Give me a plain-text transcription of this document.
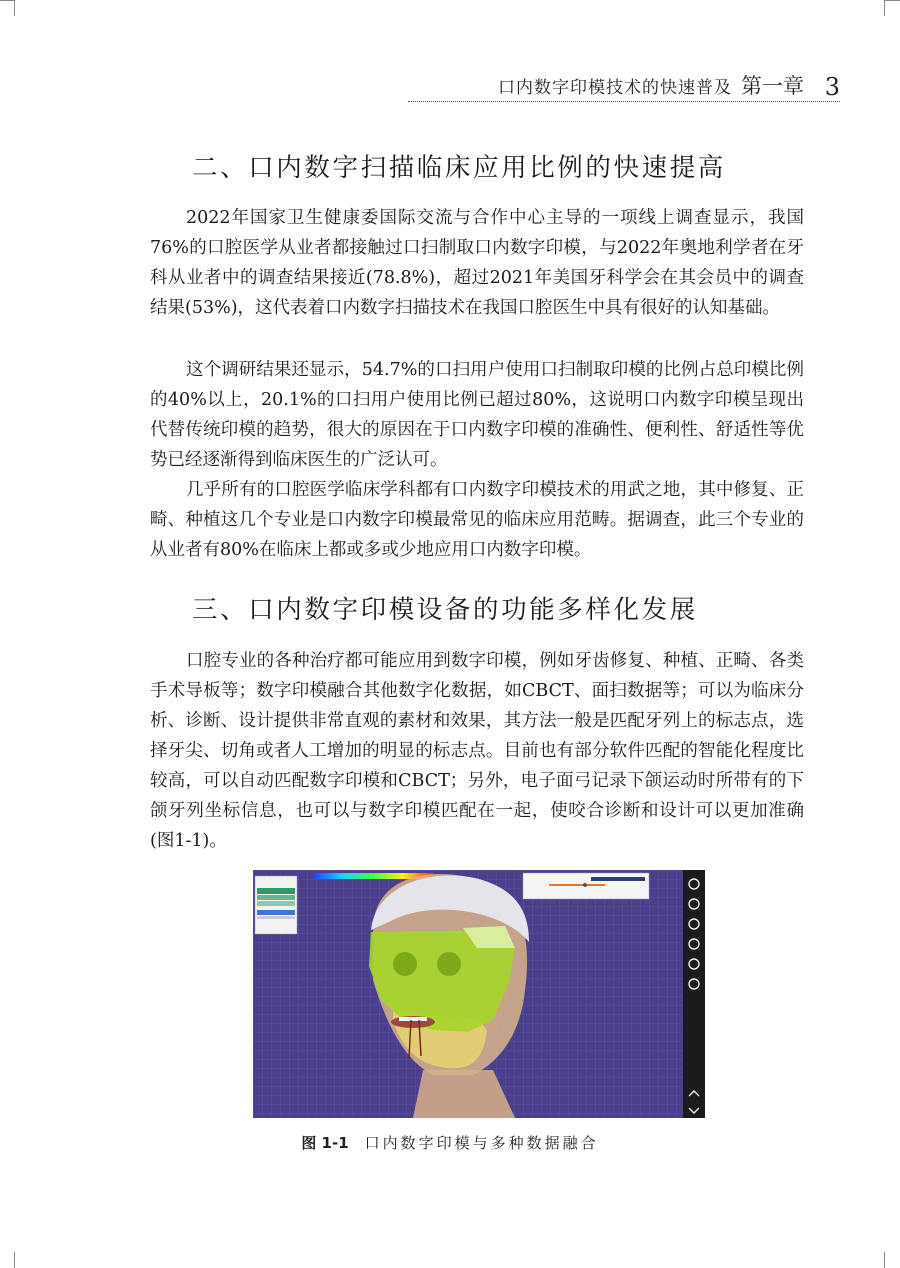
口内数字印模技术的快速普及 第一章 3
二、口内数字扫描临床应用比例的快速提高

2022年国家卫生健康委国际交流与合作中心主导的一项线上调查显示，我国76%的口腔医学从业者都接触过口扫制取口内数字印模，与2022年奥地利学者在牙科从业者中的调查结果接近(78.8%)，超过2021年美国牙科学会在其会员中的调查结果(53%)，这代表着口内数字扫描技术在我国口腔医生中具有很好的认知基础。

这个调研结果还显示，54.7%的口扫用户使用口扫制取印模的比例占总印模比例的40%以上，20.1%的口扫用户使用比例已超过80%，这说明口内数字印模呈现出代替传统印模的趋势，很大的原因在于口内数字印模的准确性、便利性、舒适性等优势已经逐渐得到临床医生的广泛认可。

几乎所有的口腔医学临床学科都有口内数字印模技术的用武之地，其中修复、正畸、种植这几个专业是口内数字印模最常见的临床应用范畴。据调查，此三个专业的从业者有80%在临床上都或多或少地应用口内数字印模。

三、口内数字印模设备的功能多样化发展

口腔专业的各种治疗都可能应用到数字印模，例如牙齿修复、种植、正畸、各类手术导板等；数字印模融合其他数字化数据，如CBCT、面扫数据等；可以为临床分析、诊断、设计提供非常直观的素材和效果，其方法一般是匹配牙列上的标志点，选择牙尖、切角或者人工增加的明显的标志点。目前也有部分软件匹配的智能化程度比较高，可以自动匹配数字印模和CBCT；另外，电子面弓记录下颌运动时所带有的下颌牙列坐标信息，也可以与数字印模匹配在一起，使咬合诊断和设计可以更加准确(图1-1)。

图 1-1 口内数字印模与多种数据融合
